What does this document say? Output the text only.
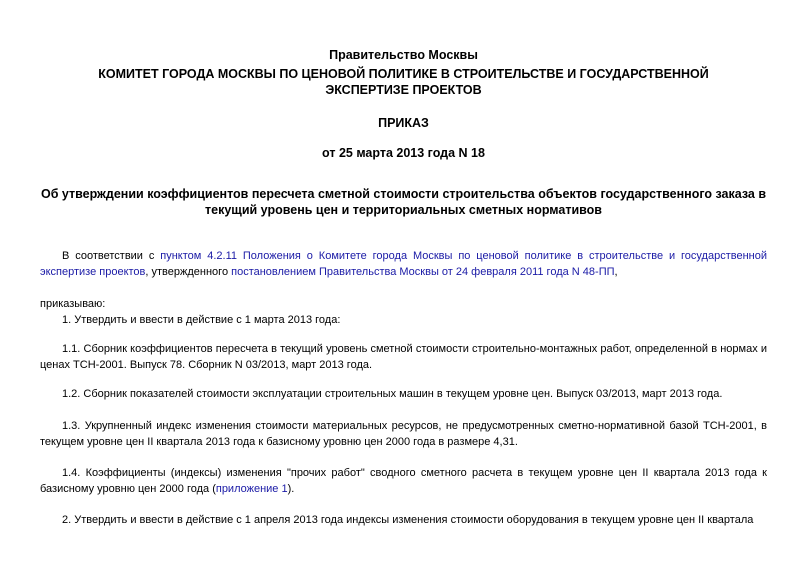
Правительство Москвы

КОМИТЕТ ГОРОДА МОСКВЫ ПО ЦЕНОВОЙ ПОЛИТИКЕ В СТРОИТЕЛЬСТВЕ И ГОСУДАРСТВЕННОЙ ЭКСПЕРТИЗЕ ПРОЕКТОВ

ПРИКАЗ

от 25 марта 2013 года N 18

Об утверждении коэффициентов пересчета сметной стоимости строительства объектов государственного заказа в текущий уровень цен и территориальных сметных нормативов

В соответствии с пунктом 4.2.11 Положения о Комитете города Москвы по ценовой политике в строительстве и государственной экспертизе проектов, утвержденного постановлением Правительства Москвы от 24 февраля 2011 года N 48-ПП,

приказываю:

1. Утвердить и ввести в действие с 1 марта 2013 года:

1.1. Сборник коэффициентов пересчета в текущий уровень сметной стоимости строительно-монтажных работ, определенной в нормах и ценах ТСН-2001. Выпуск 78. Сборник N 03/2013, март 2013 года.

1.2. Сборник показателей стоимости эксплуатации строительных машин в текущем уровне цен. Выпуск 03/2013, март 2013 года.

1.3. Укрупненный индекс изменения стоимости материальных ресурсов, не предусмотренных сметно-нормативной базой ТСН-2001, в текущем уровне цен II квартала 2013 года к базисному уровню цен 2000 года в размере 4,31.

1.4. Коэффициенты (индексы) изменения "прочих работ" сводного сметного расчета в текущем уровне цен II квартала 2013 года к базисному уровню цен 2000 года (приложение 1).

2. Утвердить и ввести в действие с 1 апреля 2013 года индексы изменения стоимости оборудования в текущем уровне цен II квартала
